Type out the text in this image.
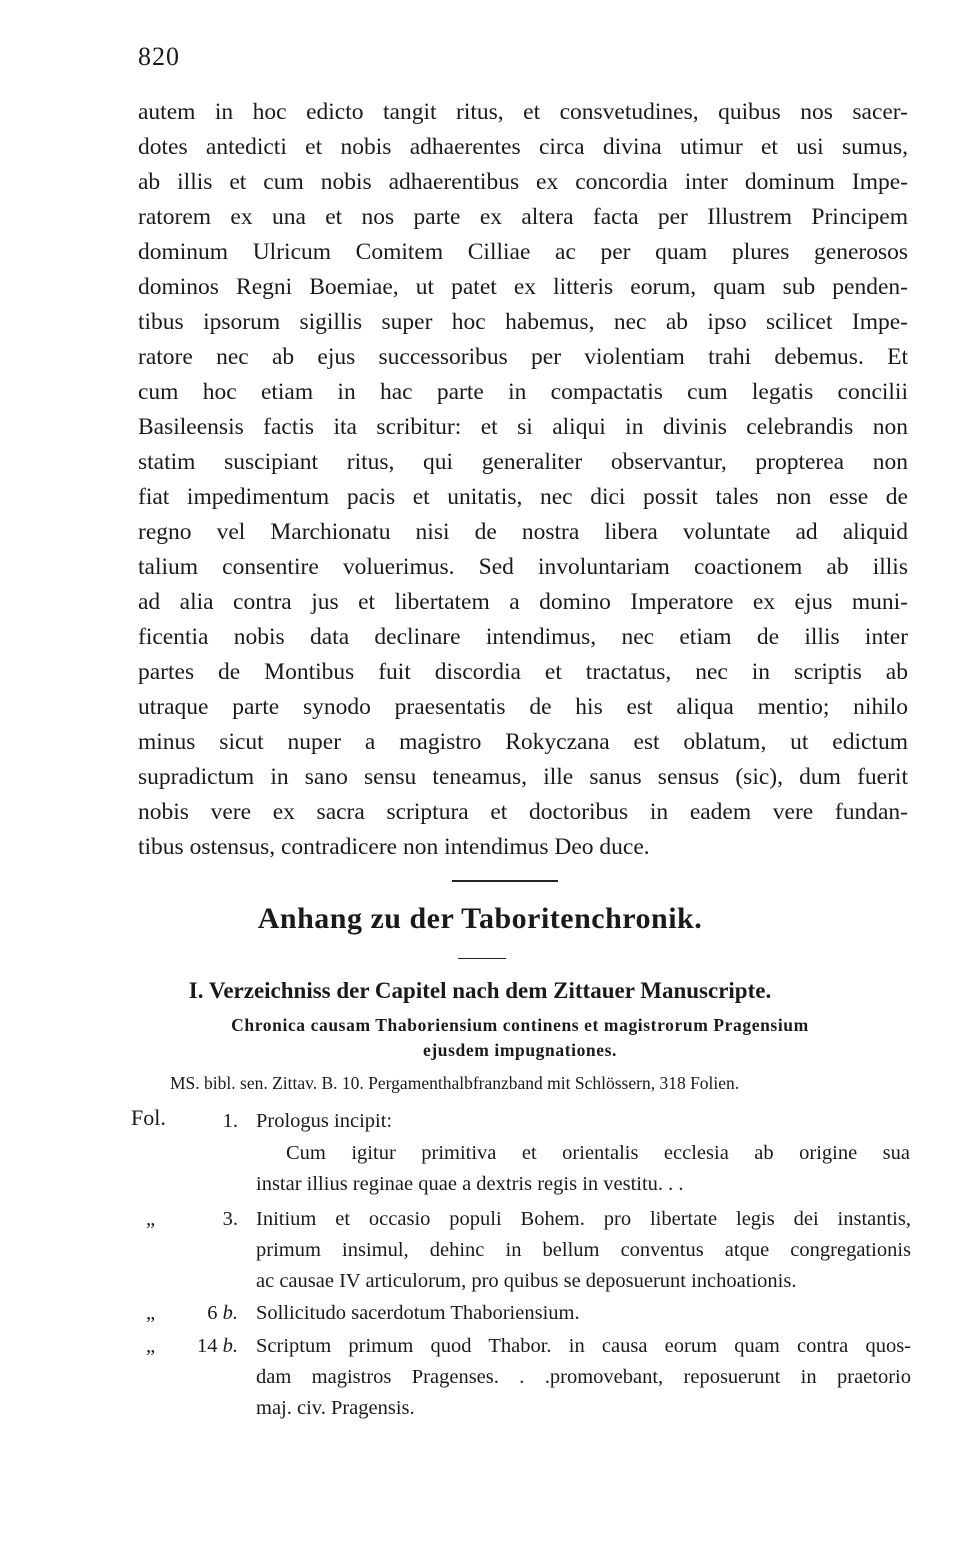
820
autem in hoc edicto tangit ritus, et consvetudines, quibus nos sacer-
dotes antedicti et nobis adhaerentes circa divina utimur et usi sumus,
ab illis et cum nobis adhaerentibus ex concordia inter dominum Impe-
ratorem ex una et nos parte ex altera facta per Illustrem Principem
dominum Ulricum Comitem Cilliae ac per quam plures generosos
dominos Regni Boemiae, ut patet ex litteris eorum, quam sub penden-
tibus ipsorum sigillis super hoc habemus, nec ab ipso scilicet Impe-
ratore nec ab ejus successoribus per violentiam trahi debemus. Et
cum hoc etiam in hac parte in compactatis cum legatis concilii
Basileensis factis ita scribitur: et si aliqui in divinis celebrandis non
statim suscipiant ritus, qui generaliter observantur, propterea non
fiat impedimentum pacis et unitatis, nec dici possit tales non esse de
regno vel Marchionatu nisi de nostra libera voluntate ad aliquid
talium consentire voluerimus. Sed involuntariam coactionem ab illis
ad alia contra jus et libertatem a domino Imperatore ex ejus muni-
ficentia nobis data declinare intendimus, nec etiam de illis inter
partes de Montibus fuit discordia et tractatus, nec in scriptis ab
utraque parte synodo praesentatis de his est aliqua mentio; nihilo
minus sicut nuper a magistro Rokyczana est oblatum, ut edictum
supradictum in sano sensu teneamus, ille sanus sensus (sic), dum fuerit
nobis vere ex sacra scriptura et doctoribus in eadem vere fundan-
tibus ostensus, contradicere non intendimus Deo duce.
Anhang zu der Taboritenchronik.
I. Verzeichniss der Capitel nach dem Zittauer Manuscripte.
Chronica causam Thaboriensium continens et magistrorum Pragensium
ejusdem impugnationes.
MS. bibl. sen. Zittav. B. 10. Pergamenthalbfranzband mit Schlössern, 318 Folien.
Fol.	1. Prologus incipit:
Cum igitur primitiva et orientalis ecclesia ab origine sua
instar illius reginae quae a dextris regis in vestitu. . .
„	3. Initium et occasio populi Bohem. pro libertate legis dei instantis,
primum insimul, dehinc in bellum conventus atque congregationis
ac causae IV articulorum, pro quibus se deposuerunt inchoationis.
„	6 b. Sollicitudo sacerdotum Thaboriensium.
„	14 b. Scriptum primum quod Thabor. in causa eorum quam contra quos-
dam magistros Pragenses. . .promovebant, reposuerunt in praetorio
maj. civ. Pragensis.
